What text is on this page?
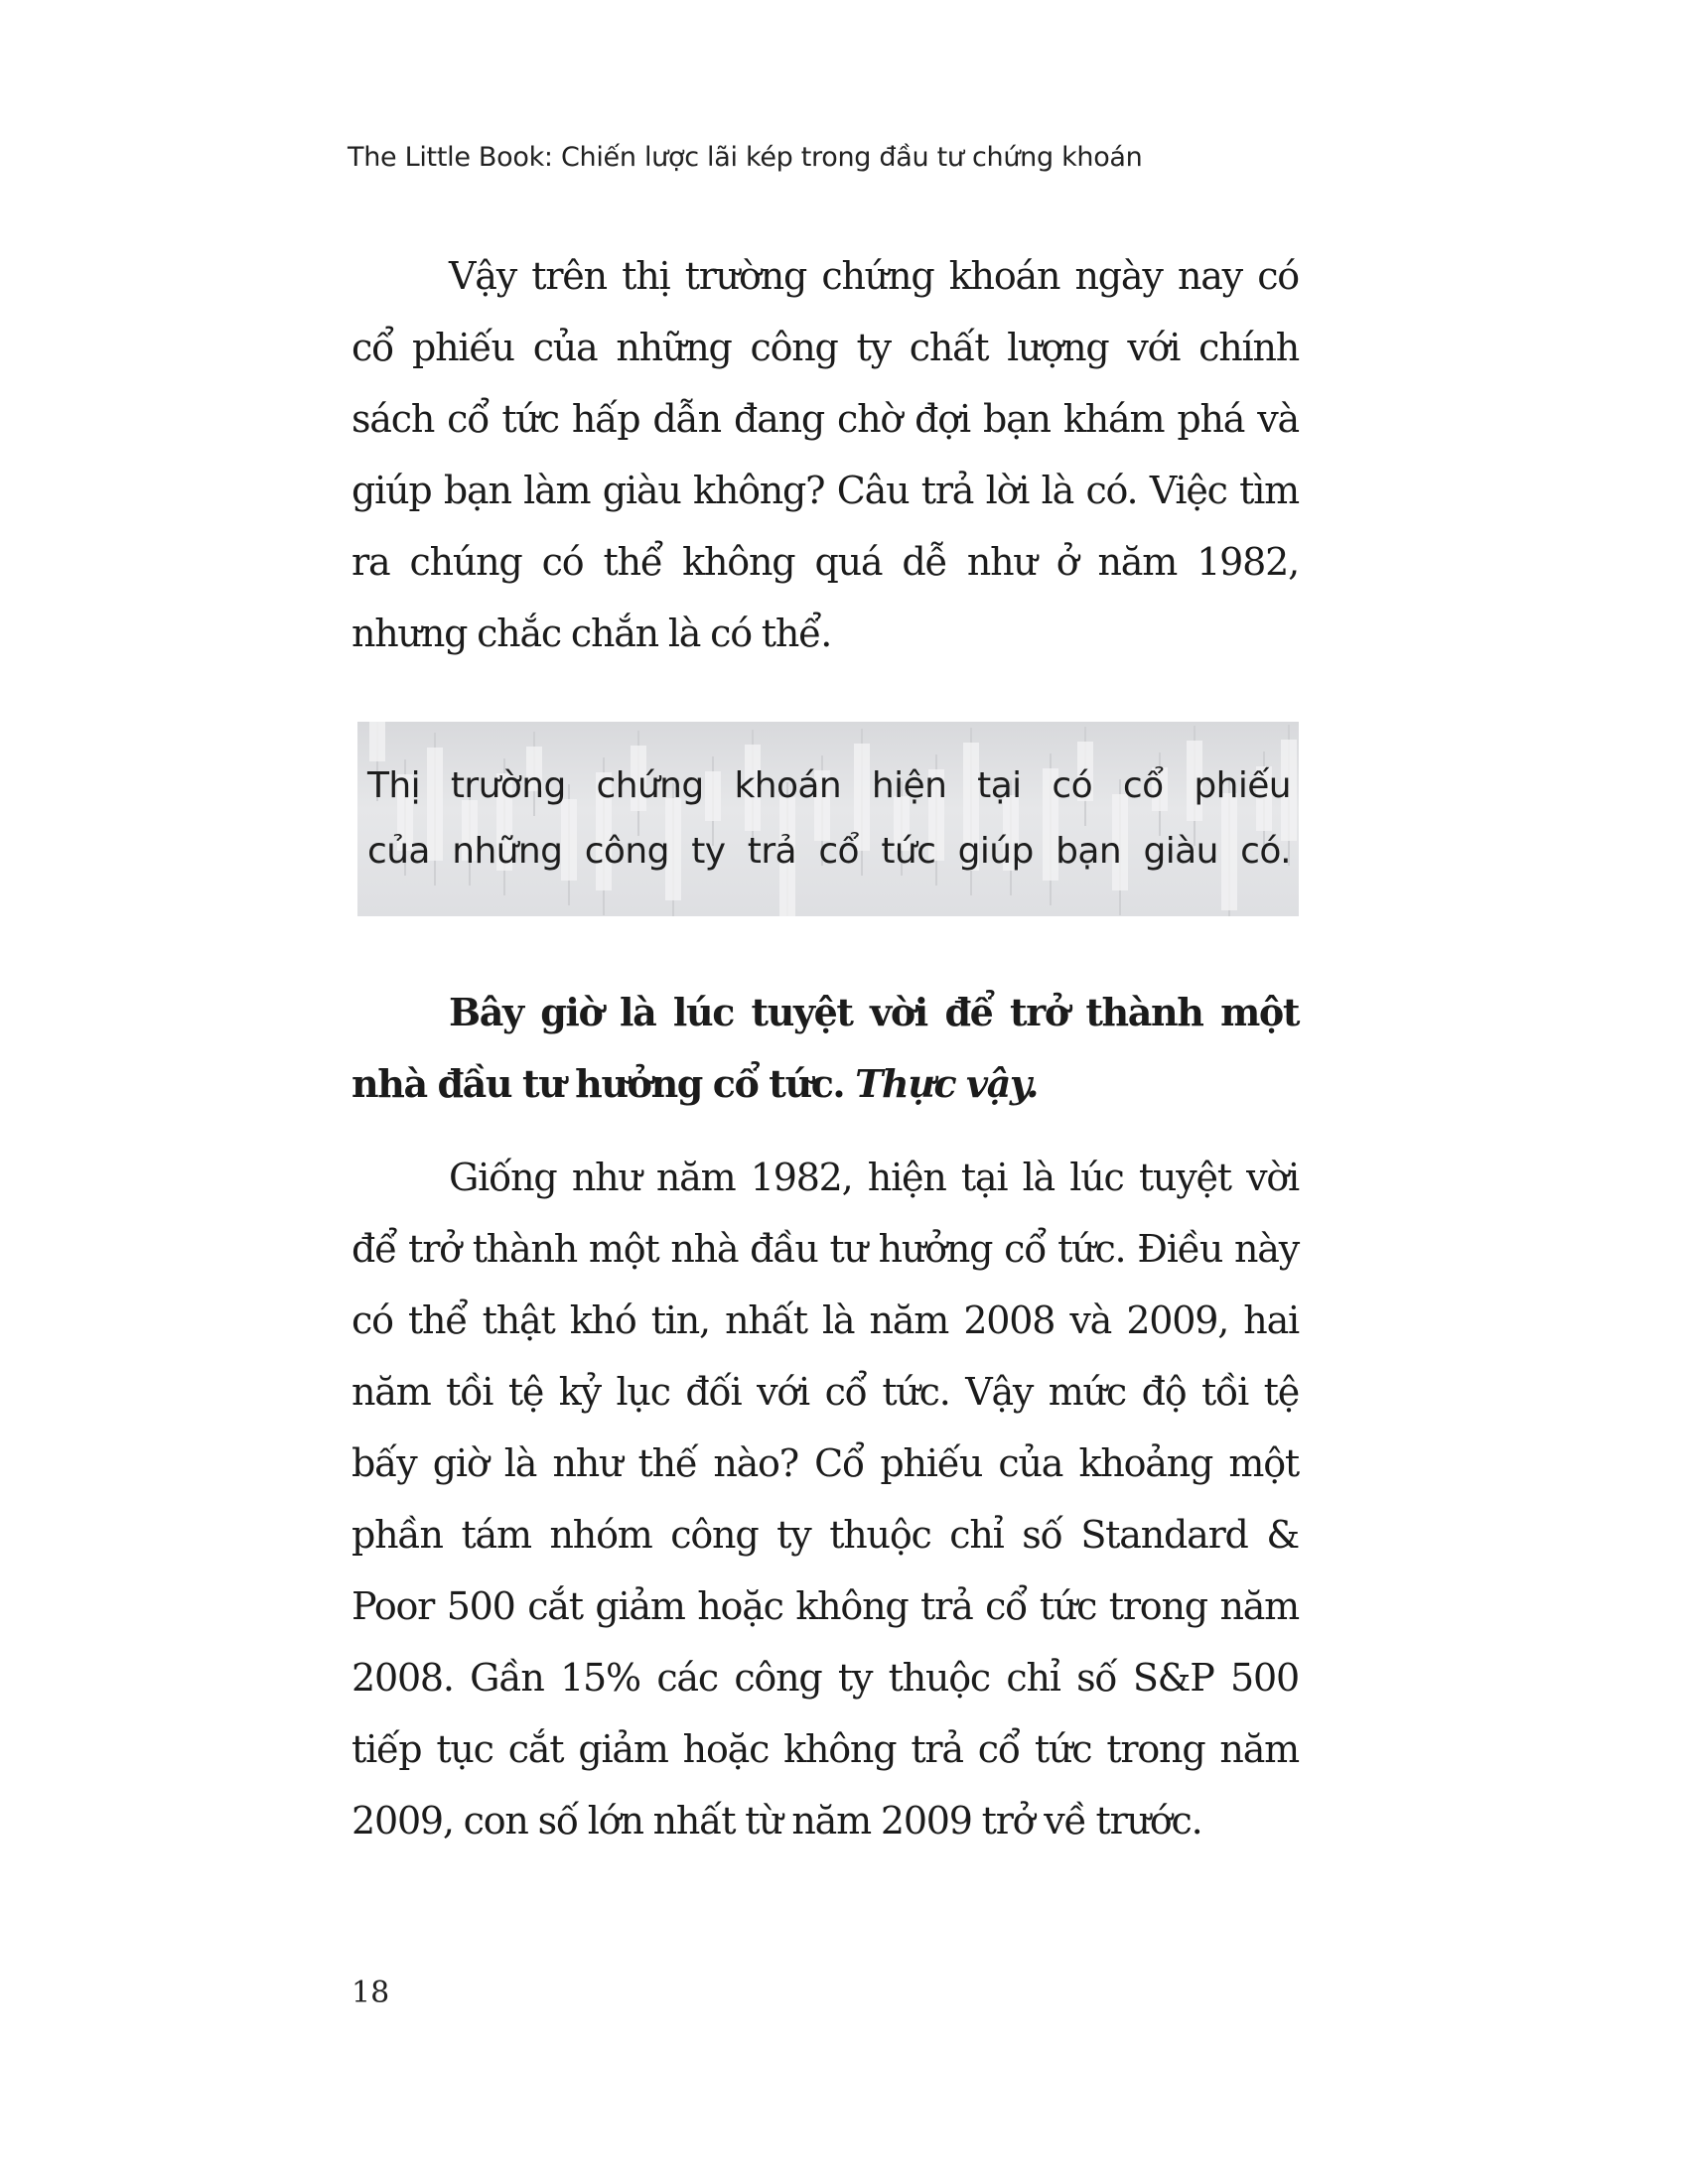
The Little Book: Chiến lược lãi kép trong đầu tư chứng khoán
Vậy trên thị trường chứng khoán ngày nay có cổ phiếu của những công ty chất lượng với chính sách cổ tức hấp dẫn đang chờ đợi bạn khám phá và giúp bạn làm giàu không? Câu trả lời là có. Việc tìm ra chúng có thể không quá dễ như ở năm 1982, nhưng chắc chắn là có thể.
Thị trường chứng khoán hiện tại có cổ phiếu
của những công ty trả cổ tức giúp bạn giàu có.
Bây giờ là lúc tuyệt vời để trở thành một nhà đầu tư hưởng cổ tức. Thực vậy.
Giống như năm 1982, hiện tại là lúc tuyệt vời để trở thành một nhà đầu tư hưởng cổ tức. Điều này có thể thật khó tin, nhất là năm 2008 và 2009, hai năm tồi tệ kỷ lục đối với cổ tức. Vậy mức độ tồi tệ bấy giờ là như thế nào? Cổ phiếu của khoảng một phần tám nhóm công ty thuộc chỉ số Standard & Poor 500 cắt giảm hoặc không trả cổ tức trong năm 2008. Gần 15% các công ty thuộc chỉ số S&P 500 tiếp tục cắt giảm hoặc không trả cổ tức trong năm 2009, con số lớn nhất từ năm 2009 trở về trước.
18
